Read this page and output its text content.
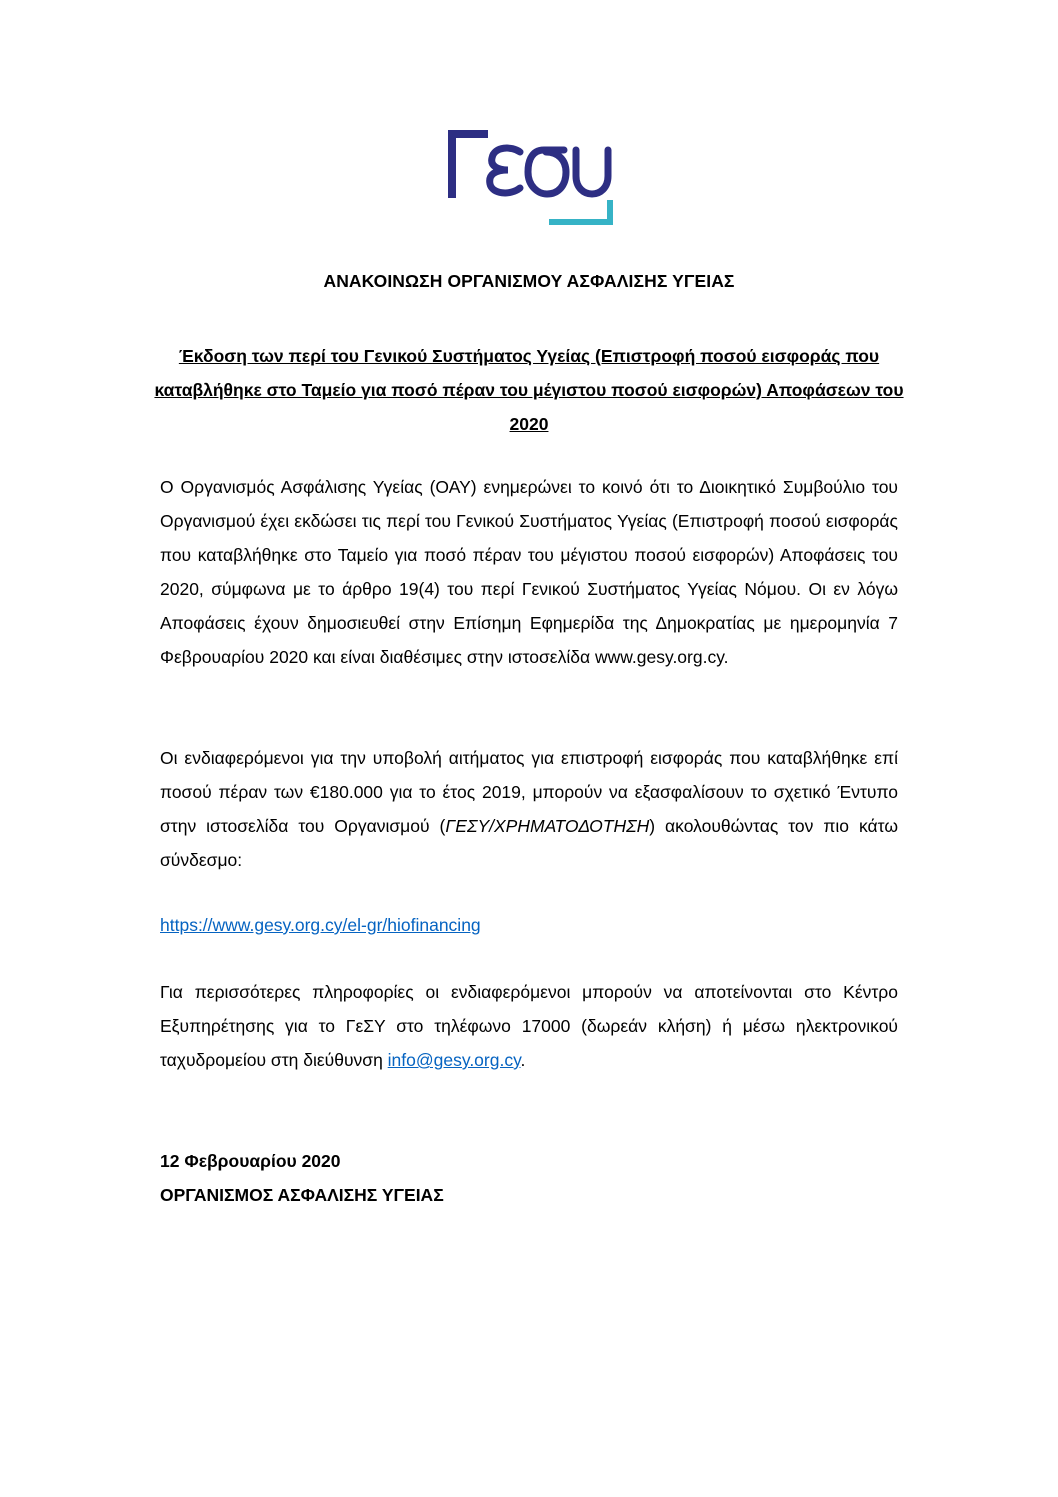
ΑΝΑΚΟΙΝΩΣΗ ΟΡΓΑΝΙΣΜΟΥ ΑΣΦΑΛΙΣΗΣ ΥΓΕΙΑΣ
Έκδοση των περί του Γενικού Συστήματος Υγείας (Επιστροφή ποσού εισφοράς που καταβλήθηκε στο Ταμείο για ποσό πέραν του μέγιστου ποσού εισφορών) Αποφάσεων του 2020
Ο Οργανισμός Ασφάλισης Υγείας (ΟΑΥ) ενημερώνει το κοινό ότι το Διοικητικό Συμβούλιο του Οργανισμού έχει εκδώσει τις περί του Γενικού Συστήματος Υγείας (Επιστροφή ποσού εισφοράς που καταβλήθηκε στο Ταμείο για ποσό πέραν του μέγιστου ποσού εισφορών) Αποφάσεις του 2020, σύμφωνα με το άρθρο 19(4) του περί Γενικού Συστήματος Υγείας Νόμου. Οι εν λόγω Αποφάσεις έχουν δημοσιευθεί στην Επίσημη Εφημερίδα της Δημοκρατίας με ημερομηνία 7 Φεβρουαρίου 2020 και είναι διαθέσιμες στην ιστοσελίδα www.gesy.org.cy.
Οι ενδιαφερόμενοι για την υποβολή αιτήματος για επιστροφή εισφοράς που καταβλήθηκε επί ποσού πέραν των €180.000 για το έτος 2019, μπορούν να εξασφαλίσουν το σχετικό Έντυπο στην ιστοσελίδα του Οργανισμού (ΓΕΣΥ/ΧΡΗΜΑΤΟΔΟΤΗΣΗ) ακολουθώντας τον πιο κάτω σύνδεσμο:
https://www.gesy.org.cy/el-gr/hiofinancing
Για περισσότερες πληροφορίες οι ενδιαφερόμενοι μπορούν να αποτείνονται στο Κέντρο Εξυπηρέτησης για το ΓεΣΥ στο τηλέφωνο 17000 (δωρεάν κλήση) ή μέσω ηλεκτρονικού ταχυδρομείου στη διεύθυνση info@gesy.org.cy.
12 Φεβρουαρίου 2020
ΟΡΓΑΝΙΣΜΟΣ ΑΣΦΑΛΙΣΗΣ ΥΓΕΙΑΣ
